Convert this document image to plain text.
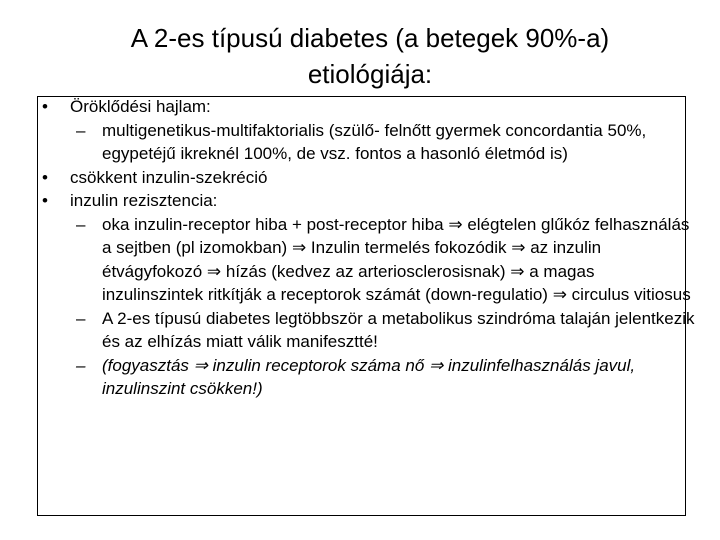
A 2-es típusú diabetes (a betegek 90%-a)
etiológiája:
• Öröklődési hajlam:
– multigenetikus-multifaktorialis (szülő- felnőtt gyermek concordantia 50%, egypetéjű ikreknél 100%, de vsz. fontos a hasonló életmód is)
• csökkent inzulin-szekréció
• inzulin rezisztencia:
– oka inzulin-receptor hiba + post-receptor hiba ⇒ elégtelen glűkóz felhasználás a sejtben (pl izomokban) ⇒ Inzulin termelés fokozódik ⇒ az inzulin étvágyfokozó ⇒ hízás (kedvez az arteriosclerosisnak) ⇒ a magas inzulinszintek ritkítják a receptorok számát (down-regulatio) ⇒ circulus vitiosus
– A 2-es típusú diabetes legtöbbször a metabolikus szindróma talaján jelentkezik és az elhízás miatt válik manifesztté!
– (fogyasztás ⇒ inzulin receptorok száma nő ⇒ inzulinfelhasználás javul, inzulinszint csökken!)
